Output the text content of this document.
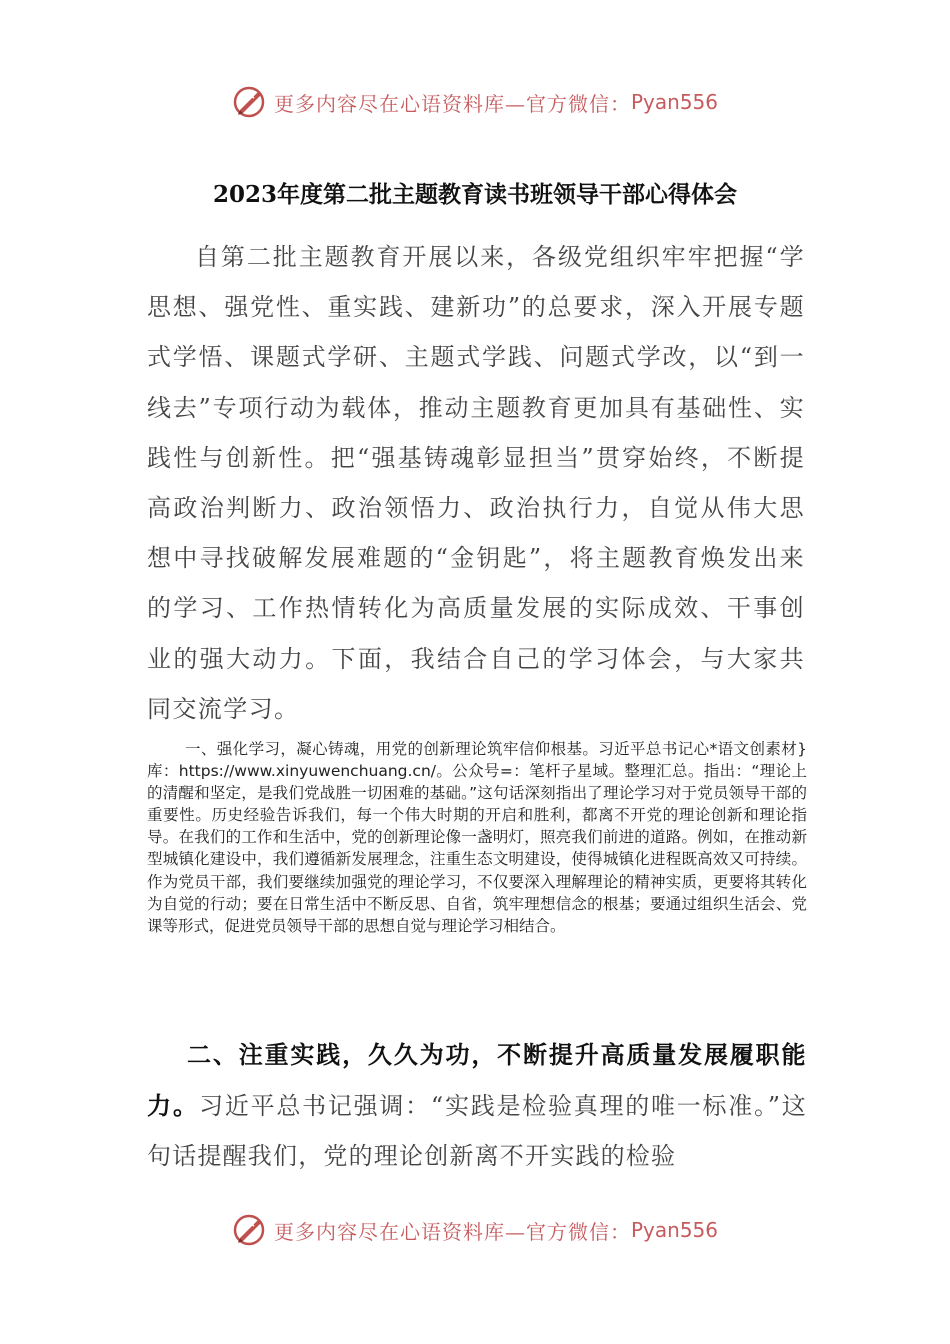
更多内容尽在心语资料库—官方微信： Pyan556
2023年度第二批主题教育读书班领导干部心得体会
自第二批主题教育开展以来，各级党组织牢牢把握“学思想、强党性、重实践、建新功”的总要求，深入开展专题式学悟、课题式学研、主题式学践、问题式学改，以“到一线去”专项行动为载体，推动主题教育更加具有基础性、实践性与创新性。把“强基铸魂彰显担当”贯穿始终，不断提高政治判断力、政治领悟力、政治执行力，自觉从伟大思想中寻找破解发展难题的“金钥匙”，将主题教育焕发出来的学习、工作热情转化为高质量发展的实际成效、干事创业的强大动力。下面，我结合自己的学习体会，与大家共同交流学习。
一、强化学习，凝心铸魂，用党的创新理论筑牢信仰根基。习近平总书记心*语文创素材}库：https://www.xinyuwenchuang.cn/。公众号=：笔杆子星域。整理汇总。指出：“理论上的清醒和坚定，是我们党战胜一切困难的基础。”这句话深刻指出了理论学习对于党员领导干部的重要性。历史经验告诉我们，每一个伟大时期的开启和胜利，都离不开党的理论创新和理论指导。在我们的工作和生活中，党的创新理论像一盏明灯，照亮我们前进的道路。例如，在推动新型城镇化建设中，我们遵循新发展理念，注重生态文明建设，使得城镇化进程既高效又可持续。作为党员干部，我们要继续加强党的理论学习，不仅要深入理解理论的精神实质，更要将其转化为自觉的行动；要在日常生活中不断反思、自省，筑牢理想信念的根基；要通过组织生活会、党课等形式，促进党员领导干部的思想自觉与理论学习相结合。
二、注重实践，久久为功，不断提升高质量发展履职能力。习近平总书记强调：“实践是检验真理的唯一标准。”这句话提醒我们，党的理论创新离不开实践的检验
更多内容尽在心语资料库—官方微信： Pyan556
